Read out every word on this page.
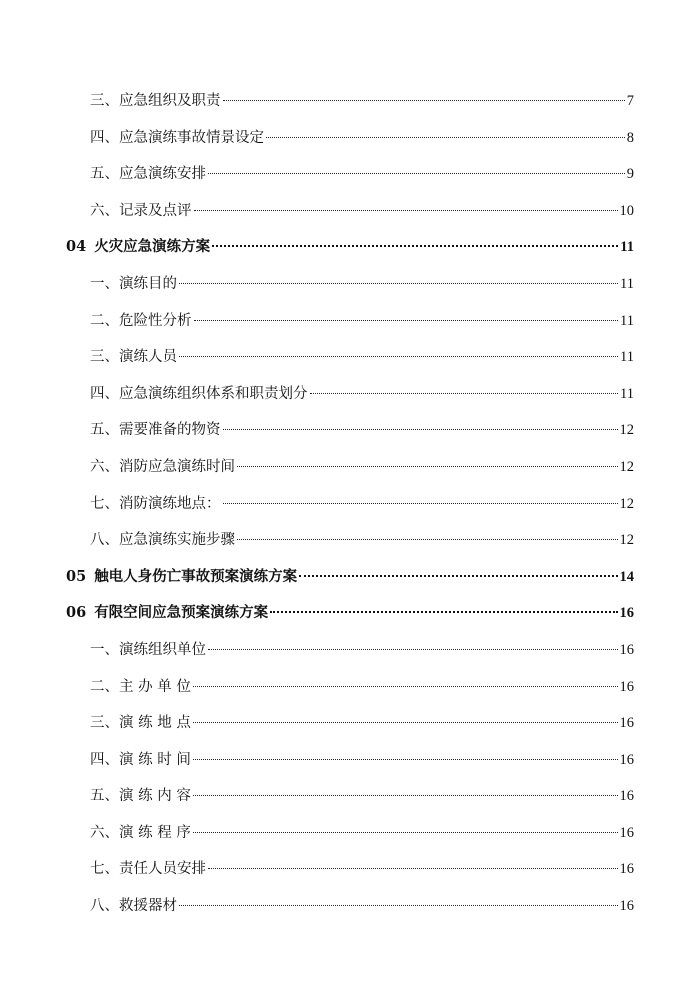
三、应急组织及职责	7
四、应急演练事故情景设定	8
五、应急演练安排	9
六、记录及点评	10
04 火灾应急演练方案	11
一、演练目的	11
二、危险性分析	11
三、演练人员	11
四、应急演练组织体系和职责划分	11
五、需要准备的物资	12
六、消防应急演练时间	12
七、消防演练地点：	12
八、应急演练实施步骤	12
05 触电人身伤亡事故预案演练方案	14
06 有限空间应急预案演练方案	16
一、演练组织单位	16
二、主 办 单 位	16
三、演 练 地 点	16
四、演 练 时 间	16
五、演 练 内 容	16
六、演 练 程 序	16
七、责任人员安排	16
八、救援器材	16
